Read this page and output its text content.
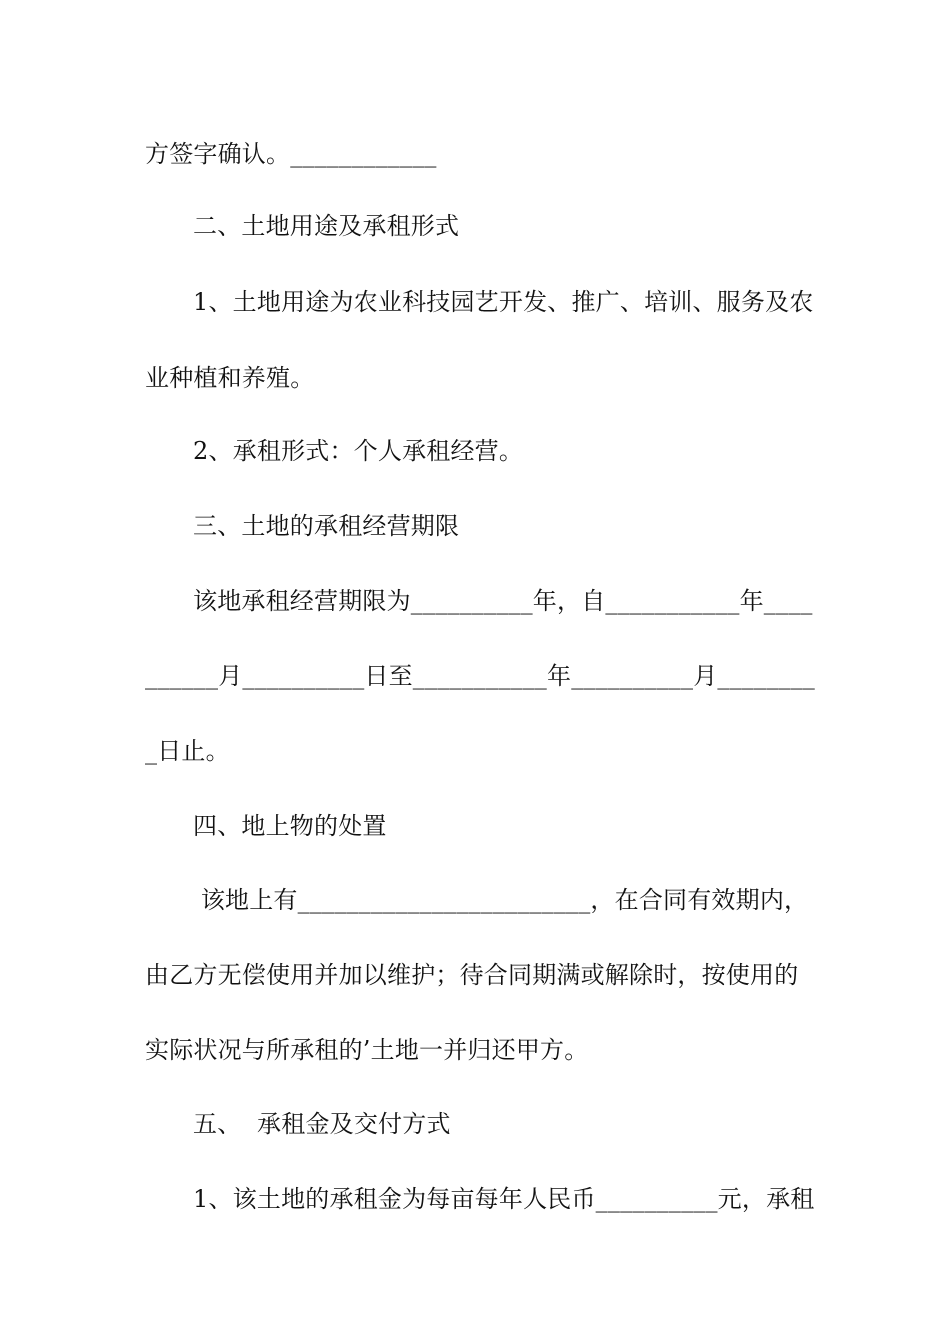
方签字确认。____________
二、土地用途及承租形式
1、土地用途为农业科技园艺开发、推广、培训、服务及农
业种植和养殖。
2、承租形式：个人承租经营。
三、土地的承租经营期限
该地承租经营期限为__________年，自___________年____
______月__________日至___________年__________月________
_日止。
四、地上物的处置
该地上有________________________，在合同有效期内，
由乙方无偿使用并加以维护；待合同期满或解除时，按使用的
实际状况与所承租的’土地一并归还甲方。
五、  承租金及交付方式
1、该土地的承租金为每亩每年人民币__________元，承租
